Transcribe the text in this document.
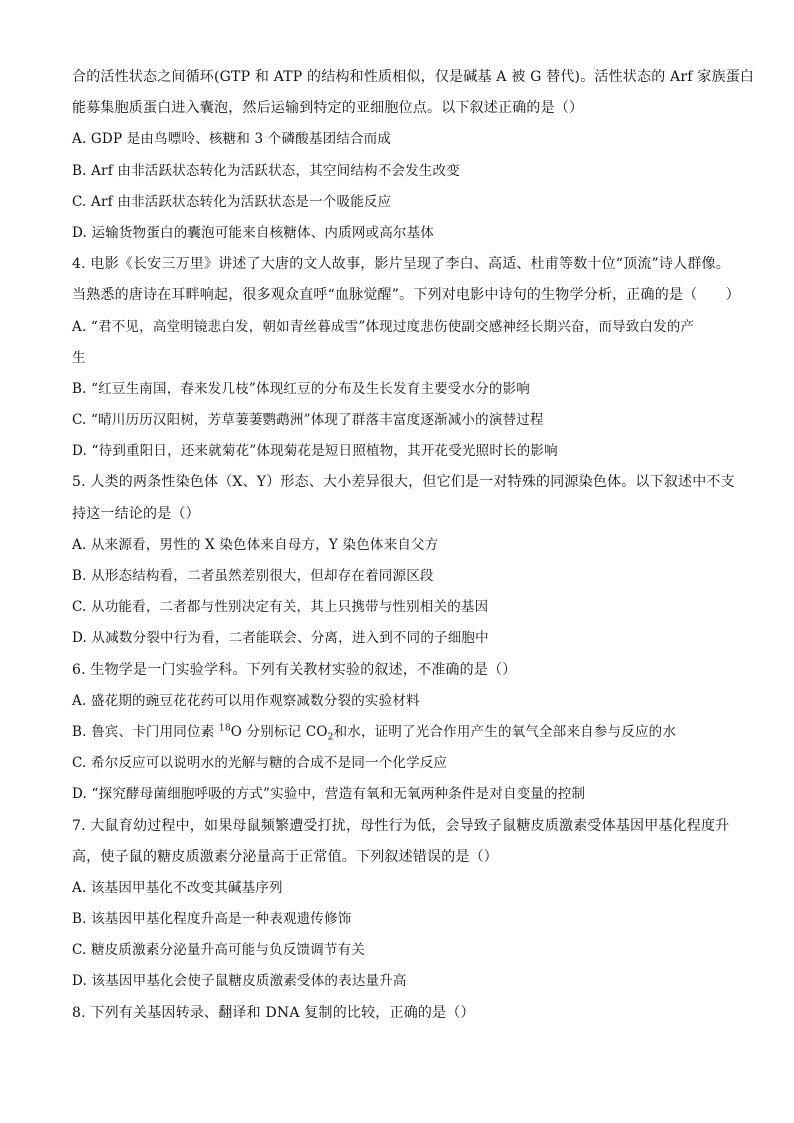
合的活性状态之间循环(GTP 和 ATP 的结构和性质相似，仅是碱基 A 被 G 替代)。活性状态的 Arf 家族蛋白
能募集胞质蛋白进入囊泡，然后运输到特定的亚细胞位点。以下叙述正确的是（）
A. GDP 是由鸟嘌呤、核糖和 3 个磷酸基团结合而成
B. Arf 由非活跃状态转化为活跃状态，其空间结构不会发生改变
C. Arf 由非活跃状态转化为活跃状态是一个吸能反应
D. 运输货物蛋白的囊泡可能来自核糖体、内质网或高尔基体
4. 电影《长安三万里》讲述了大唐的文人故事，影片呈现了李白、高适、杜甫等数十位“顶流”诗人群像。
当熟悉的唐诗在耳畔响起，很多观众直呼“血脉觉醒”。下列对电影中诗句的生物学分析，正确的是（　　）
A. “君不见，高堂明镜悲白发，朝如青丝暮成雪”体现过度悲伤使副交感神经长期兴奋，而导致白发的产
生
B. “红豆生南国，春来发几枝”体现红豆的分布及生长发育主要受水分的影响
C. “晴川历历汉阳树，芳草萋萋鹦鹉洲”体现了群落丰富度逐渐减小的演替过程
D. “待到重阳日，还来就菊花”体现菊花是短日照植物，其开花受光照时长的影响
5. 人类的两条性染色体（X、Y）形态、大小差异很大，但它们是一对特殊的同源染色体。以下叙述中不支
持这一结论的是（）
A. 从来源看，男性的 X 染色体来自母方，Y 染色体来自父方
B. 从形态结构看，二者虽然差别很大，但却存在着同源区段
C. 从功能看，二者都与性别决定有关，其上只携带与性别相关的基因
D. 从减数分裂中行为看，二者能联会、分离，进入到不同的子细胞中
6. 生物学是一门实验学科。下列有关教材实验的叙述，不准确的是（）
A. 盛花期的豌豆花花药可以用作观察减数分裂的实验材料
B. 鲁宾、卡门用同位素 $^{18}$O 分别标记 $CO_2$和水，证明了光合作用产生的氧气全部来自参与反应的水
C. 希尔反应可以说明水的光解与糖的合成不是同一个化学反应
D. “探究酵母菌细胞呼吸的方式”实验中，营造有氧和无氧两种条件是对自变量的控制
7. 大鼠育幼过程中，如果母鼠频繁遭受打扰，母性行为低，会导致子鼠糖皮质激素受体基因甲基化程度升
高，使子鼠的糖皮质激素分泌量高于正常值。下列叙述错误的是（）
A. 该基因甲基化不改变其碱基序列
B. 该基因甲基化程度升高是一种表观遗传修饰
C. 糖皮质激素分泌量升高可能与负反馈调节有关
D. 该基因甲基化会使子鼠糖皮质激素受体的表达量升高
8. 下列有关基因转录、翻译和 DNA 复制的比较，正确的是（）
